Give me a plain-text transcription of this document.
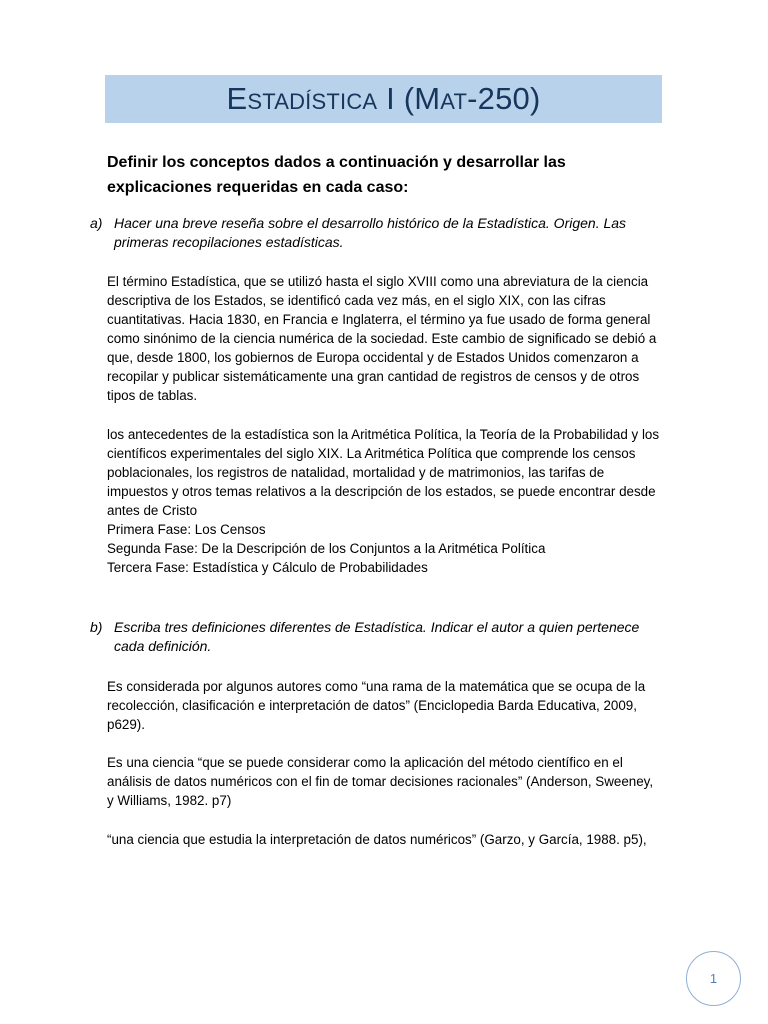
Estadística I (Mat-250)
Definir los conceptos dados a continuación y desarrollar las explicaciones requeridas en cada caso:
a) Hacer una breve reseña sobre el desarrollo histórico de la Estadística. Origen. Las primeras recopilaciones estadísticas.

El término Estadística, que se utilizó hasta el siglo XVIII como una abreviatura de la ciencia descriptiva de los Estados, se identificó cada vez más, en el siglo XIX, con las cifras cuantitativas. Hacia 1830, en Francia e Inglaterra, el término ya fue usado de forma general como sinónimo de la ciencia numérica de la sociedad. Este cambio de significado se debió a que, desde 1800, los gobiernos de Europa occidental y de Estados Unidos comenzaron a recopilar y publicar sistemáticamente una gran cantidad de registros de censos y de otros tipos de tablas.

los antecedentes de la estadística son la Aritmética Política, la Teoría de la Probabilidad y los científicos experimentales del siglo XIX. La Aritmética Política que comprende los censos poblacionales, los registros de natalidad, mortalidad y de matrimonios, las tarifas de impuestos y otros temas relativos a la descripción de los estados, se puede encontrar desde antes de Cristo

Primera Fase: Los Censos

Segunda Fase: De la Descripción de los Conjuntos a la Aritmética Política

Tercera Fase: Estadística y Cálculo de Probabilidades

b) Escriba tres definiciones diferentes de Estadística. Indicar el autor a quien pertenece cada definición.

Es considerada por algunos autores como “una rama de la matemática que se ocupa de la recolección, clasificación e interpretación de datos” (Enciclopedia Barda Educativa, 2009, p629).

Es una ciencia “que se puede considerar como la aplicación del método científico en el análisis de datos numéricos con el fin de tomar decisiones racionales” (Anderson, Sweeney, y Williams, 1982. p7)

“una ciencia que estudia la interpretación de datos numéricos” (Garzo, y García, 1988. p5),

1
